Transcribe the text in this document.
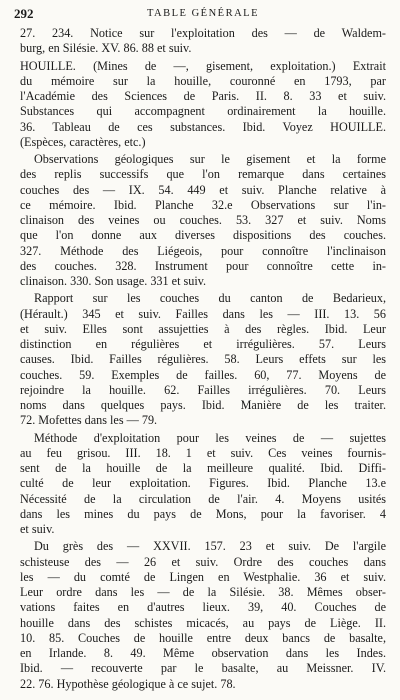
292	TABLE GÉNÉRALE
27. 234. Notice sur l'exploitation des — de Waldem-
burg, en Silésie. XV. 86. 88 et suiv.
HOUILLE. (Mines de —, gisement, exploitation.) Extrait
du mémoire sur la houille, couronné en 1793, par
l'Académie des Sciences de Paris. II. 8. 33 et suiv.
Substances qui accompagnent ordinairement la houille.
36. Tableau de ces substances. Ibid. Voyez HOUILLE.
(Espèces, caractères, etc.)
Observations géologiques sur le gisement et la forme
des replis successifs que l'on remarque dans certaines
couches des — IX. 54. 449 et suiv. Planche relative à
ce mémoire. Ibid. Planche 32.e Observations sur l'in-
clinaison des veines ou couches. 53. 327 et suiv. Noms
que l'on donne aux diverses dispositions des couches.
327. Méthode des Liégeois, pour connoître l'inclinaison
des couches. 328. Instrument pour connoître cette in-
clinaison. 330. Son usage. 331 et suiv.
Rapport sur les couches du canton de Bedarieux,
(Hérault.) 345 et suiv. Failles dans les — III. 13. 56
et suiv. Elles sont assujetties à des règles. Ibid. Leur
distinction en régulières et irrégulières. 57. Leurs
causes. Ibid. Failles régulières. 58. Leurs effets sur les
couches. 59. Exemples de failles. 60, 77. Moyens de
rejoindre la houille. 62. Failles irrégulières. 70. Leurs
noms dans quelques pays. Ibid. Manière de les traiter.
72. Mofettes dans les — 79.
Méthode d'exploitation pour les veines de — sujettes
au feu grisou. III. 18. 1 et suiv. Ces veines fournis-
sent de la houille de la meilleure qualité. Ibid. Diffi-
culté de leur exploitation. Figures. Ibid. Planche 13.e
Nécessité de la circulation de l'air. 4. Moyens usités
dans les mines du pays de Mons, pour la favoriser. 4
et suiv.
Du grès des — XXVII. 157. 23 et suiv. De l'argile
schisteuse des — 26 et suiv. Ordre des couches dans
les — du comté de Lingen en Westphalie. 36 et suiv.
Leur ordre dans les — de la Silésie. 38. Mêmes obser-
vations faites en d'autres lieux. 39, 40. Couches de
houille dans des schistes micacés, au pays de Liège. II.
10. 85. Couches de houille entre deux bancs de basalte,
en Irlande. 8. 49. Même observation dans les Indes.
Ibid. — recouverte par le basalte, au Meissner. IV.
22. 76. Hypothèse géologique à ce sujet. 78.
